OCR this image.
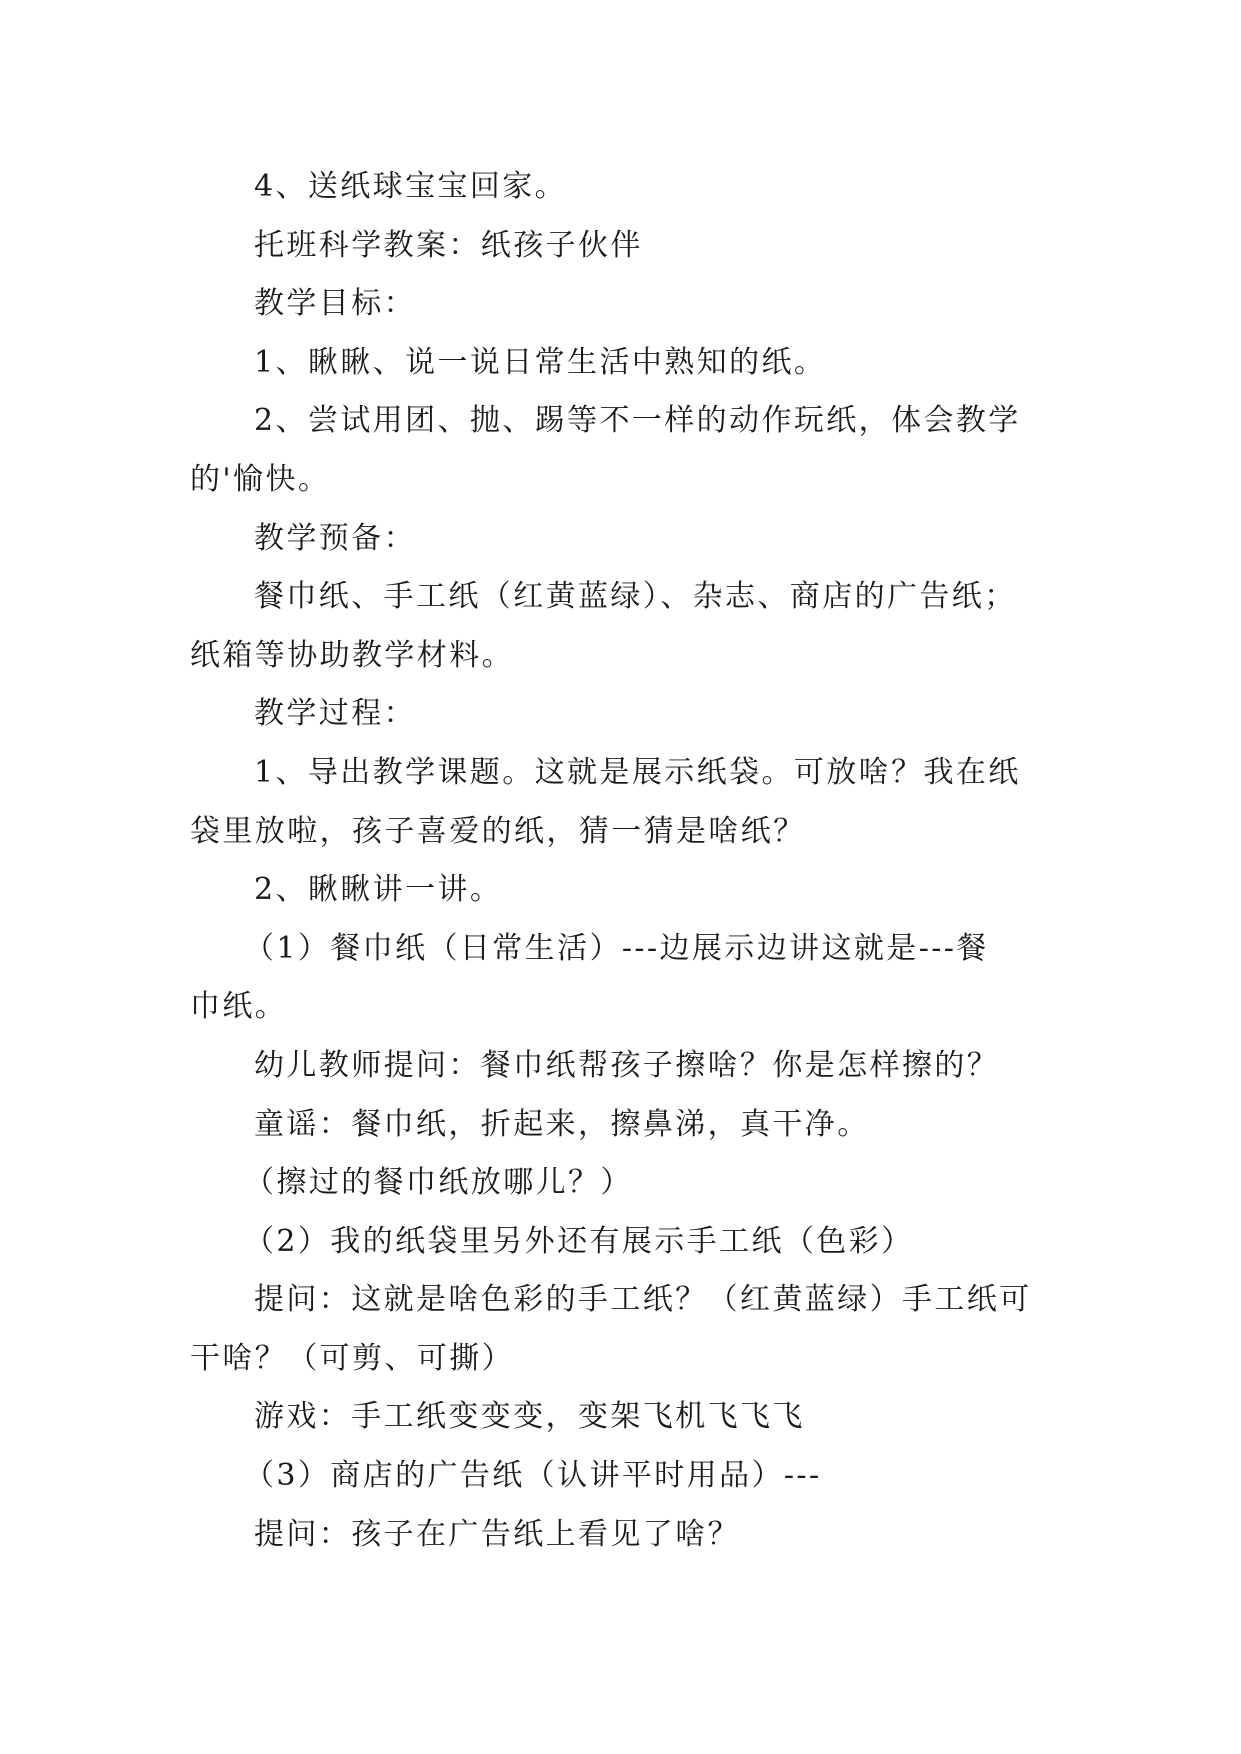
4、送纸球宝宝回家。
托班科学教案：纸孩子伙伴
教学目标：
1、瞅瞅、说一说日常生活中熟知的纸。
2、尝试用团、抛、踢等不一样的动作玩纸，体会教学
的'愉快。
教学预备：
餐巾纸、手工纸（红黄蓝绿）、杂志、商店的广告纸；
纸箱等协助教学材料。
教学过程：
1、导出教学课题。这就是展示纸袋。可放啥？我在纸
袋里放啦，孩子喜爱的纸，猜一猜是啥纸？
2、瞅瞅讲一讲。
（1）餐巾纸（日常生活）---边展示边讲这就是---餐
巾纸。
幼儿教师提问：餐巾纸帮孩子擦啥？你是怎样擦的？
童谣：餐巾纸，折起来，擦鼻涕，真干净。
（擦过的餐巾纸放哪儿？）
（2）我的纸袋里另外还有展示手工纸（色彩）
提问：这就是啥色彩的手工纸？（红黄蓝绿）手工纸可
干啥？（可剪、可撕）
游戏：手工纸变变变，变架飞机飞飞飞
（3）商店的广告纸（认讲平时用品）---
提问：孩子在广告纸上看见了啥？
